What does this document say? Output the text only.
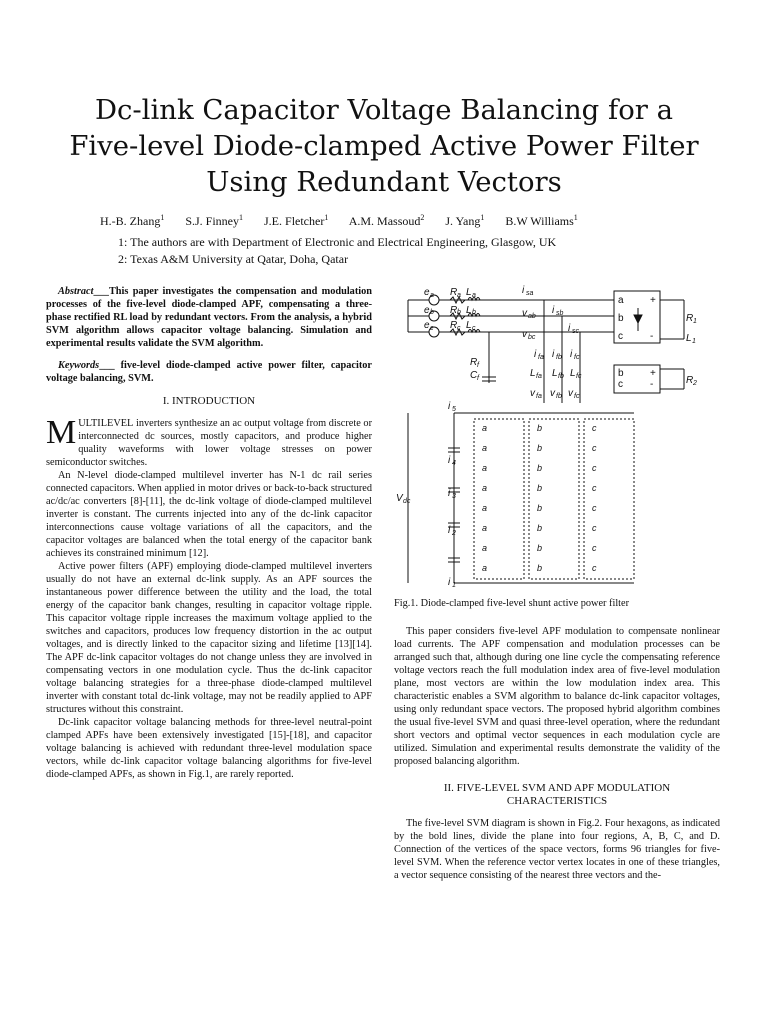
Dc-link Capacitor Voltage Balancing for a
Five-level Diode-clamped Active Power Filter
Using Redundant Vectors
H.-B. Zhang$^1$ S.J. Finney$^1$ J.E. Fletcher$^1$ A.M. Massoud$^2$ J. Yang$^1$ B.W Williams$^1$
1: The authors are with Department of Electronic and Electrical Engineering, Glasgow, UK
2: Texas A&M University at Qatar, Doha, Qatar

Abstract___This paper investigates the compensation and modulation processes of the five-level diode-clamped APF, compensating a three-phase rectified RL load by redundant vectors. From the analysis, a hybrid SVM algorithm allows capacitor voltage balancing. Simulation and experimental results validate the SVM algorithm.

Keywords___ five-level diode-clamped active power filter, capacitor voltage balancing, SVM.

I. INTRODUCTION

MULTILEVEL inverters synthesize an ac output voltage from discrete or interconnected dc sources, mostly capacitors, and produce higher quality waveforms with lower voltage stresses on power semiconductor switches.

An N-level diode-clamped multilevel inverter has N-1 dc rail series connected capacitors. When applied in motor drives or back-to-back structured ac/dc/ac converters [8]-[11], the dc-link voltage of diode-clamped multilevel inverter is constant. The currents injected into any of the dc-link capacitor interconnections cause voltage variations of all the capacitors, and the capacitor voltages are balanced when the total energy of the capacitor bank achieves its constrained minimum [12].

Active power filters (APF) employing diode-clamped multilevel inverters usually do not have an external dc-link supply. As an APF sources the instantaneous power difference between the utility and the load, the total energy of the capacitor bank changes, resulting in capacitor voltage ripple. This capacitor voltage ripple increases the maximum voltage applied to the switches and capacitors, produces low frequency distortion in the ac output voltages, and is directly linked to the capacitor sizing and lifetime [13][14]. The APF dc-link capacitor voltages do not change unless they are involved in compensating vectors in one modulation cycle. Thus the dc-link capacitor voltage balancing strategies for a three-phase diode-clamped multilevel inverter with constant total dc-link voltage, may not be readily applied to APF structures without this constraint.

Dc-link capacitor voltage balancing methods for three-level neutral-point clamped APFs have been extensively investigated [15]-[18], and capacitor voltage balancing is achieved with redundant three-level modulation space vectors, while dc-link capacitor voltage balancing algorithms for five-level diode-clamped APFs, as shown in Fig.1, are rarely reported.

e a
e b
e c
R a L a
R b L b
R c L c
i sa
i sb
i sc
v ab
v bc
i fa i fb i fc
L fa L fb L fc
v fa v fb v fc
R f
C f
R 1
L 1
R 2
V dc
i 5
i 4
i 3
i 2
i 1
a	+
b
c	-
b
c
+
-
a
a
a
a
a
a
a
a
b
b
b
b
b
b
b
b
c
c
c
c
c
c
c
c
Fig.1. Diode-clamped five-level shunt active power filter

This paper considers five-level APF modulation to compensate nonlinear load currents. The APF compensation and modulation processes can be arranged such that, although during one line cycle the compensating reference voltage vectors reach the full modulation index area of five-level modulation plane, most vectors are within the low modulation index area. This characteristic enables a SVM algorithm to balance dc-link capacitor voltages, using only redundant space vectors. The proposed hybrid algorithm combines the usual five-level SVM and quasi three-level operation, where the redundant short vectors and optimal vector sequences in each modulation cycle are utilized. Simulation and experimental results demonstrate the validity of the proposed balancing algorithm.

II. FIVE-LEVEL SVM AND APF MODULATION CHARACTERISTICS

The five-level SVM diagram is shown in Fig.2. Four hexagons, as indicated by the bold lines, divide the plane into four regions, A, B, C, and D. Connection of the vertices of the space vectors, forms 96 triangles for five-level SVM. When the reference vector vertex locates in one of these triangles, a vector sequence consisting of the nearest three vectors and the-
